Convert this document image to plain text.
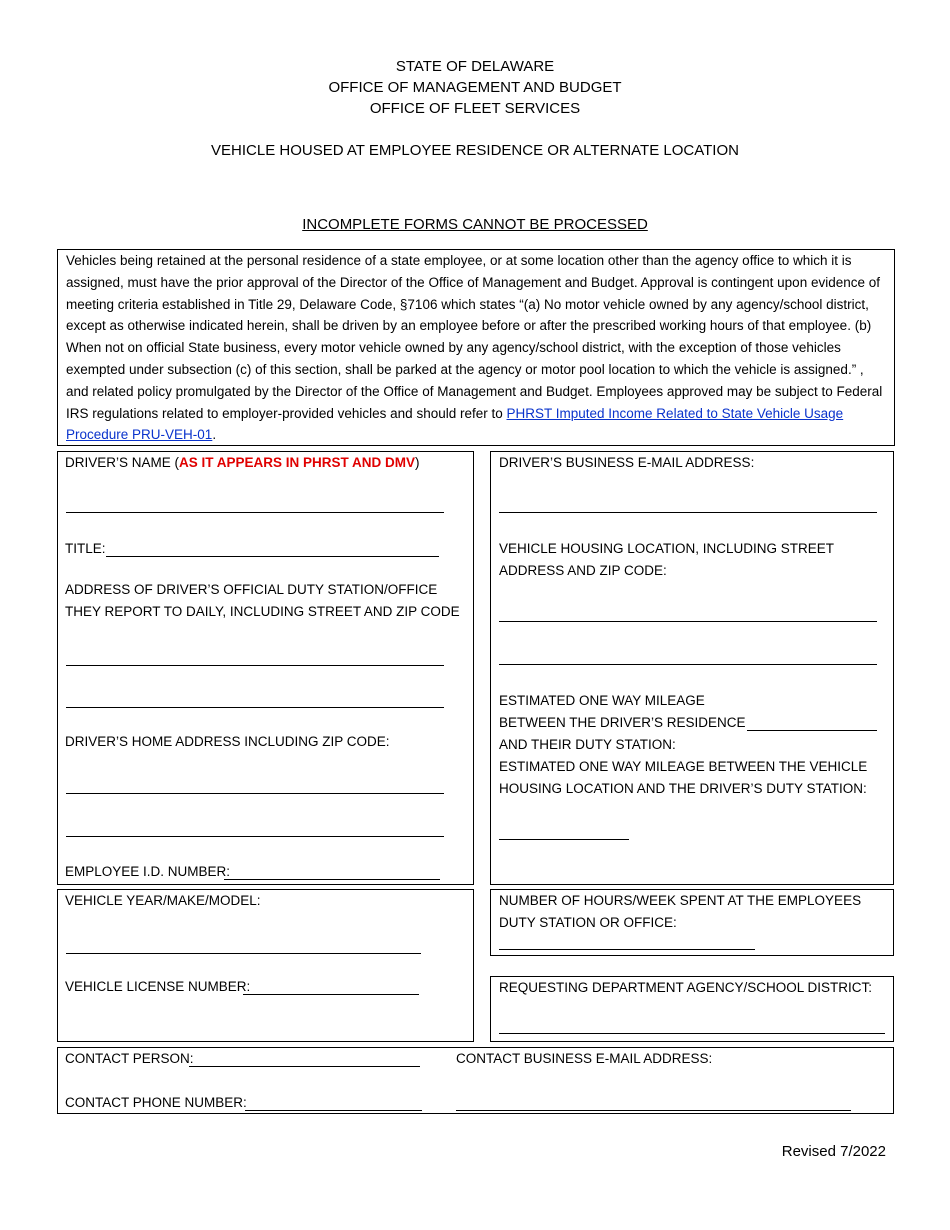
STATE OF DELAWARE
OFFICE OF MANAGEMENT AND BUDGET
OFFICE OF FLEET SERVICES
VEHICLE HOUSED AT EMPLOYEE RESIDENCE OR ALTERNATE LOCATION
INCOMPLETE FORMS CANNOT BE PROCESSED
Vehicles being retained at the personal residence of a state employee, or at some location other than the agency office to which it is assigned, must have the prior approval of the Director of the Office of Management and Budget. Approval is contingent upon evidence of meeting criteria established in Title 29, Delaware Code, §7106 which states “(a) No motor vehicle owned by any agency/school district, except as otherwise indicated herein, shall be driven by an employee before or after the prescribed working hours of that employee. (b) When not on official State business, every motor vehicle owned by any agency/school district, with the exception of those vehicles exempted under subsection (c) of this section, shall be parked at the agency or motor pool location to which the vehicle is assigned.” , and related policy promulgated by the Director of the Office of Management and Budget. Employees approved may be subject to Federal IRS regulations related to employer-provided vehicles and should refer to PHRST Imputed Income Related to State Vehicle Usage Procedure PRU-VEH-01.
DRIVER’S NAME (AS IT APPEARS IN PHRST AND DMV)
TITLE:
ADDRESS OF DRIVER’S OFFICIAL DUTY STATION/OFFICE THEY REPORT TO DAILY, INCLUDING STREET AND ZIP CODE
DRIVER’S HOME ADDRESS INCLUDING ZIP CODE:
EMPLOYEE I.D. NUMBER:
DRIVER’S BUSINESS E-MAIL ADDRESS:
VEHICLE HOUSING LOCATION, INCLUDING STREET ADDRESS AND ZIP CODE:
ESTIMATED ONE WAY MILEAGE BETWEEN THE DRIVER’S RESIDENCE AND THEIR DUTY STATION:
ESTIMATED ONE WAY MILEAGE BETWEEN THE VEHICLE HOUSING LOCATION AND THE DRIVER’S DUTY STATION:
VEHICLE YEAR/MAKE/MODEL:
VEHICLE LICENSE NUMBER:
NUMBER OF HOURS/WEEK SPENT AT THE EMPLOYEES DUTY STATION OR OFFICE:
REQUESTING DEPARTMENT AGENCY/SCHOOL DISTRICT:
CONTACT PERSON:	CONTACT BUSINESS E-MAIL ADDRESS:
CONTACT PHONE NUMBER:
Revised 7/2022
